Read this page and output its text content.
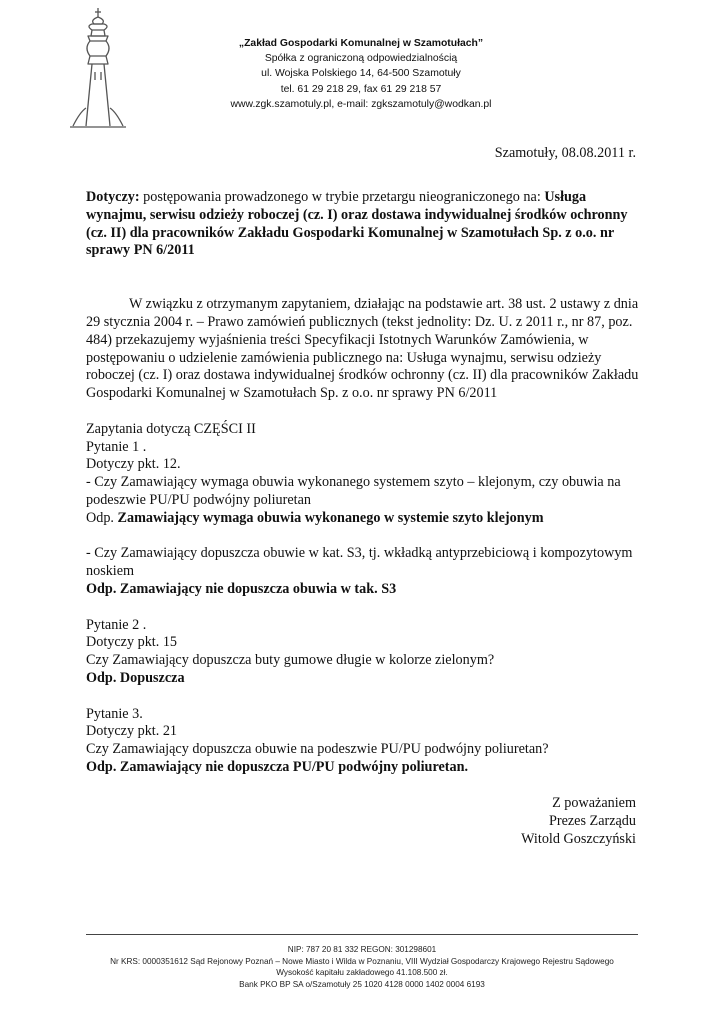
„Zakład Gospodarki Komunalnej w Szamotułach”
Spółka z ograniczoną odpowiedzialnością
ul. Wojska Polskiego 14, 64-500 Szamotuły
tel. 61 29 218 29, fax 61 29 218 57
www.zgk.szamotuly.pl, e-mail: zgkszamotuly@wodkan.pl
Szamotuły, 08.08.2011 r.

Dotyczy: postępowania prowadzonego w trybie przetargu nieograniczonego na: Usługa wynajmu, serwisu odzieży roboczej (cz. I) oraz dostawa indywidualnej środków ochronny (cz. II) dla pracowników Zakładu Gospodarki Komunalnej w Szamotułach Sp. z o.o. nr sprawy PN 6/2011

W związku z otrzymanym zapytaniem, działając na podstawie art. 38 ust. 2 ustawy z dnia 29 stycznia 2004 r. – Prawo zamówień publicznych (tekst jednolity: Dz. U. z 2011 r., nr 87, poz. 484) przekazujemy wyjaśnienia treści Specyfikacji Istotnych Warunków Zamówienia, w postępowaniu o udzielenie zamówienia publicznego na: Usługa wynajmu, serwisu odzieży roboczej (cz. I) oraz dostawa indywidualnej środków ochronny (cz. II) dla pracowników Zakładu Gospodarki Komunalnej w Szamotułach Sp. z o.o. nr sprawy PN 6/2011

Zapytania dotyczą CZĘŚCI II

Pytanie 1 .

Dotyczy pkt. 12.

- Czy Zamawiający wymaga obuwia wykonanego systemem szyto – klejonym, czy obuwia na podeszwie PU/PU podwójny poliuretan

Odp. Zamawiający wymaga obuwia wykonanego w systemie szyto klejonym

- Czy Zamawiający dopuszcza obuwie w kat. S3, tj. wkładką antyprzebiciową i kompozytowym noskiem

Odp. Zamawiający nie dopuszcza obuwia w tak. S3

Pytanie 2 .

Dotyczy pkt. 15

Czy Zamawiający dopuszcza buty gumowe długie w kolorze zielonym?

Odp. Dopuszcza

Pytanie 3.

Dotyczy pkt. 21

Czy Zamawiający dopuszcza obuwie na podeszwie PU/PU podwójny poliuretan?

Odp. Zamawiający nie dopuszcza PU/PU podwójny poliuretan.

Z poważaniem
Prezes Zarządu
Witold Goszczyński
NIP: 787 20 81 332 REGON: 301298601
Nr KRS: 0000351612 Sąd Rejonowy Poznań – Nowe Miasto i Wilda w Poznaniu, VIII Wydział Gospodarczy Krajowego Rejestru Sądowego
Wysokość kapitału zakładowego 41.108.500 zł.
Bank PKO BP SA o/Szamotuły 25 1020 4128 0000 1402 0004 6193
